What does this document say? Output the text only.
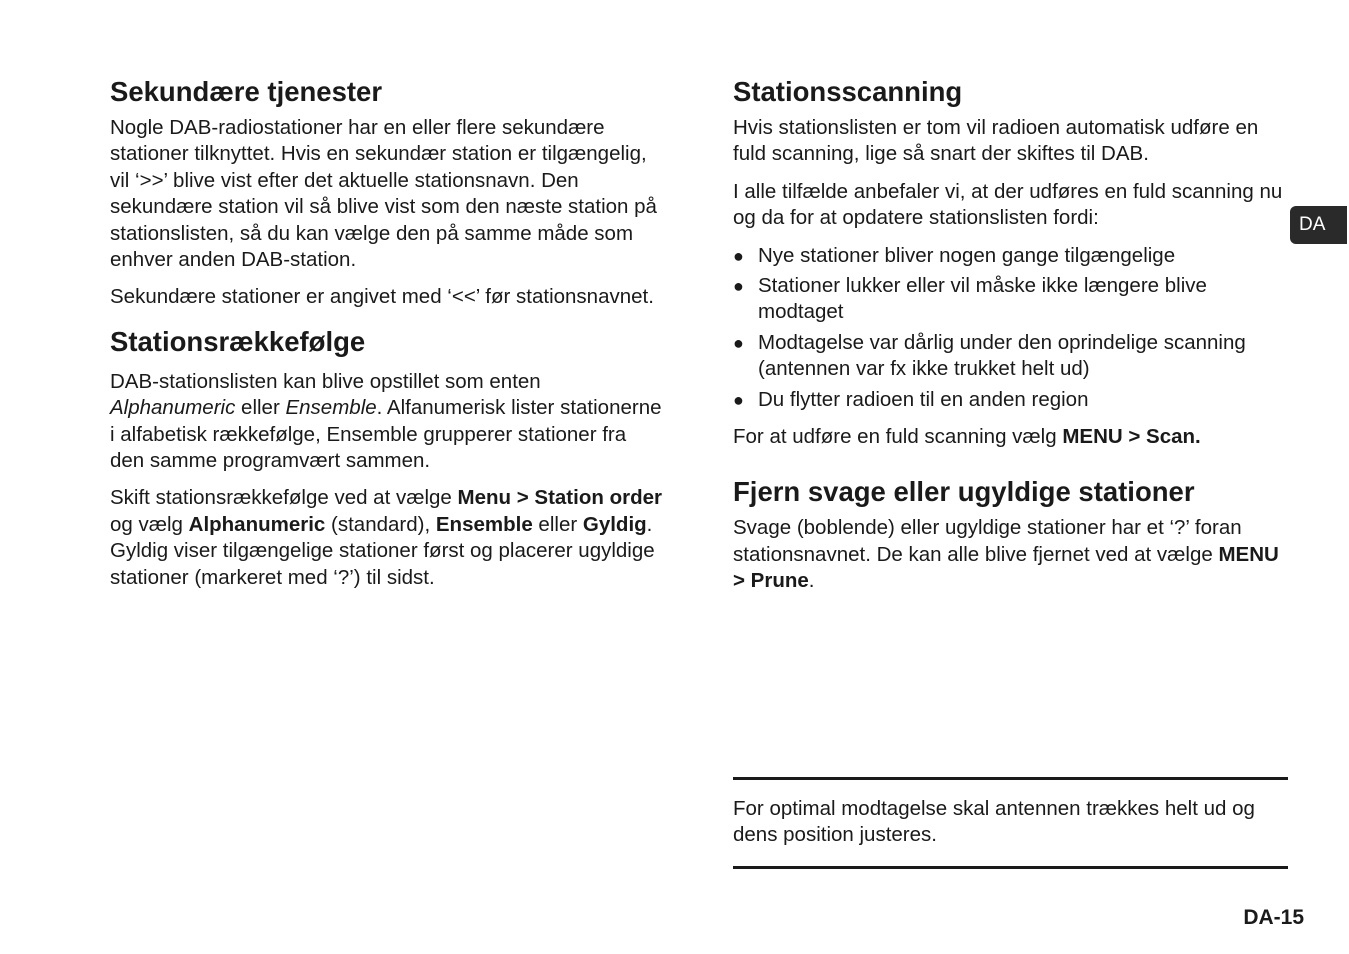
Sekundære tjenester

Nogle DAB-radiostationer har en eller flere sekundære stationer tilknyttet. Hvis en sekundær station er tilgængelig, vil ‘>>’ blive vist efter det aktuelle stationsnavn. Den sekundære station vil så blive vist som den næste station på stationslisten, så du kan vælge den på samme måde som enhver anden DAB-station.

Sekundære stationer er angivet med ‘<<’ før stationsnavnet.

Stationsrækkefølge

DAB-stationslisten kan blive opstillet som enten Alphanumeric eller Ensemble. Alfanumerisk lister stationerne i alfabetisk rækkefølge, Ensemble grupperer stationer fra den samme programvært sammen.

Skift stationsrækkefølge ved at vælge Menu > Station order og vælg Alphanumeric (standard), Ensemble eller Gyldig. Gyldig viser tilgængelige stationer først og placerer ugyldige stationer (markeret med ‘?’) til sidst.

Stationsscanning

Hvis stationslisten er tom vil radioen automatisk udføre en fuld scanning, lige så snart der skiftes til DAB.

I alle tilfælde anbefaler vi, at der udføres en fuld scanning nu og da for at opdatere stationslisten fordi:

● Nye stationer bliver nogen gange tilgængelige
● Stationer lukker eller vil måske ikke længere blive modtaget
● Modtagelse var dårlig under den oprindelige scanning (antennen var fx ikke trukket helt ud)
● Du flytter radioen til en anden region

For at udføre en fuld scanning vælg MENU > Scan.

Fjern svage eller ugyldige stationer

Svage (boblende) eller ugyldige stationer har et ‘?’ foran stationsnavnet. De kan alle blive fjernet ved at vælge MENU > Prune.

DA

For optimal modtagelse skal antennen trækkes helt ud og dens position justeres.

DA-15
